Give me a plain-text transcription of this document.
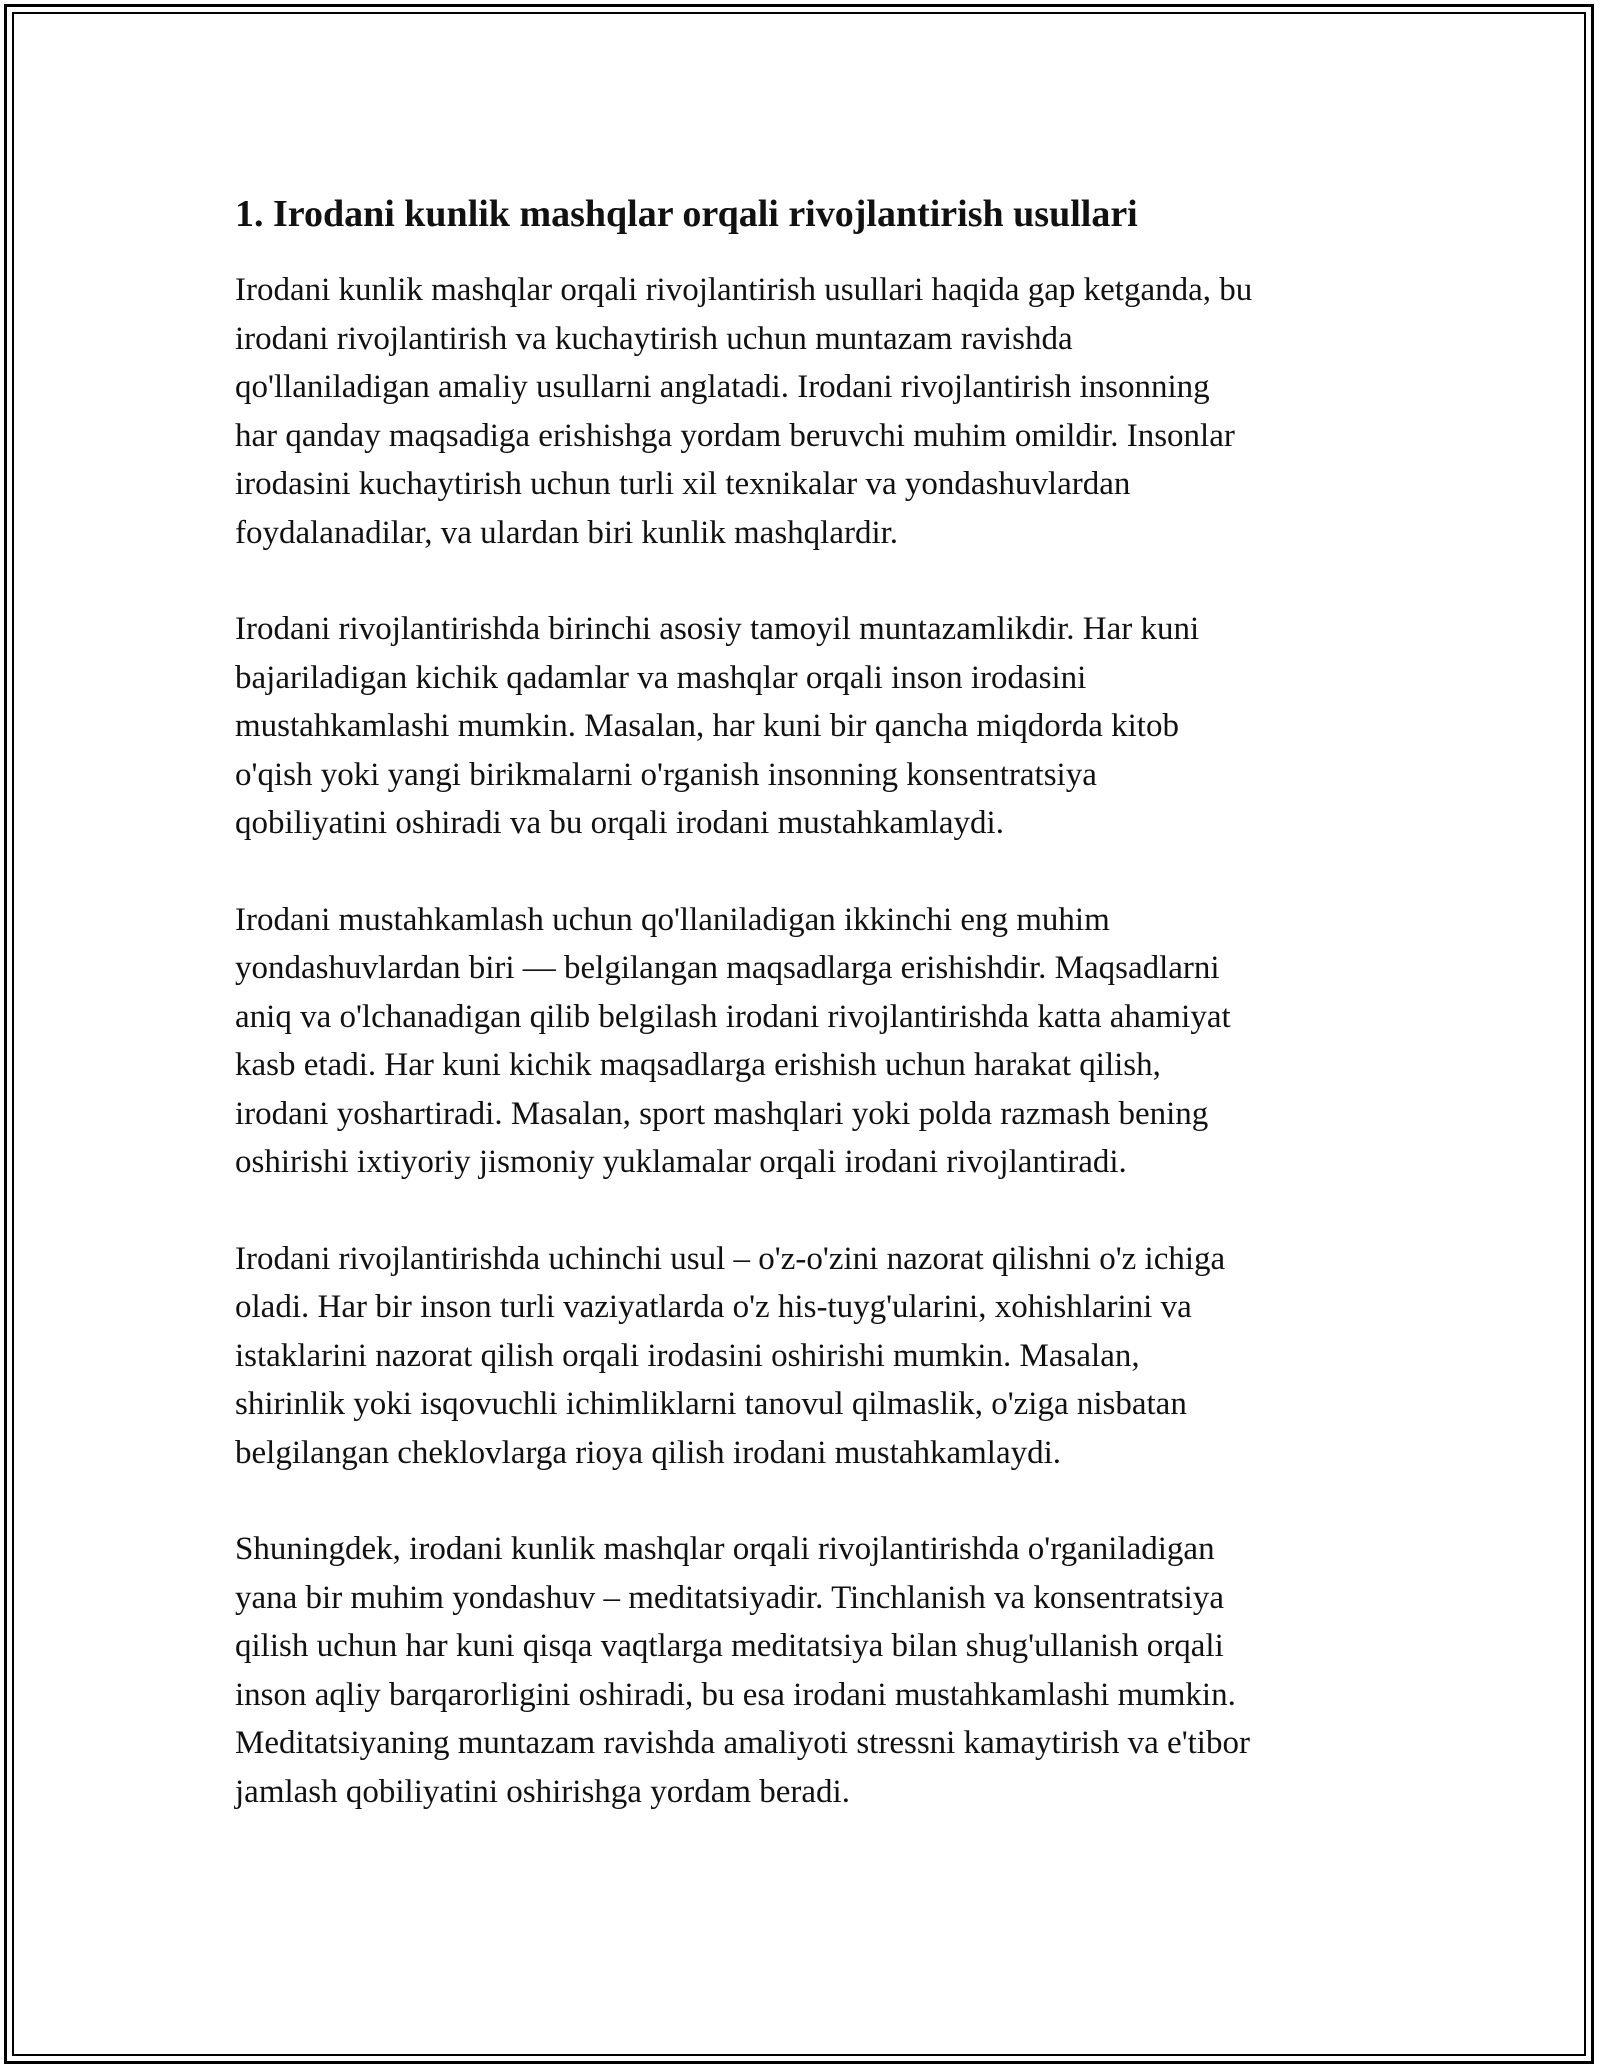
1. Irodani kunlik mashqlar orqali rivojlantirish usullari

Irodani kunlik mashqlar orqali rivojlantirish usullari haqida gap ketganda, bu
irodani rivojlantirish va kuchaytirish uchun muntazam ravishda
qo'llaniladigan amaliy usullarni anglatadi. Irodani rivojlantirish insonning
har qanday maqsadiga erishishga yordam beruvchi muhim omildir. Insonlar
irodasini kuchaytirish uchun turli xil texnikalar va yondashuvlardan
foydalanadilar, va ulardan biri kunlik mashqlardir.

Irodani rivojlantirishda birinchi asosiy tamoyil muntazamlikdir. Har kuni
bajariladigan kichik qadamlar va mashqlar orqali inson irodasini
mustahkamlashi mumkin. Masalan, har kuni bir qancha miqdorda kitob
o'qish yoki yangi birikmalarni o'rganish insonning konsentratsiya
qobiliyatini oshiradi va bu orqali irodani mustahkamlaydi.

Irodani mustahkamlash uchun qo'llaniladigan ikkinchi eng muhim
yondashuvlardan biri — belgilangan maqsadlarga erishishdir. Maqsadlarni
aniq va o'lchanadigan qilib belgilash irodani rivojlantirishda katta ahamiyat
kasb etadi. Har kuni kichik maqsadlarga erishish uchun harakat qilish,
irodani yoshartiradi. Masalan, sport mashqlari yoki polda razmash bening
oshirishi ixtiyoriy jismoniy yuklamalar orqali irodani rivojlantiradi.

Irodani rivojlantirishda uchinchi usul – o'z-o'zini nazorat qilishni o'z ichiga
oladi. Har bir inson turli vaziyatlarda o'z his-tuyg'ularini, xohishlarini va
istaklarini nazorat qilish orqali irodasini oshirishi mumkin. Masalan,
shirinlik yoki isqovuchli ichimliklarni tanovul qilmaslik, o'ziga nisbatan
belgilangan cheklovlarga rioya qilish irodani mustahkamlaydi.

Shuningdek, irodani kunlik mashqlar orqali rivojlantirishda o'rganiladigan
yana bir muhim yondashuv – meditatsiyadir. Tinchlanish va konsentratsiya
qilish uchun har kuni qisqa vaqtlarga meditatsiya bilan shug'ullanish orqali
inson aqliy barqarorligini oshiradi, bu esa irodani mustahkamlashi mumkin.
Meditatsiyaning muntazam ravishda amaliyoti stressni kamaytirish va e'tibor
jamlash qobiliyatini oshirishga yordam beradi.
